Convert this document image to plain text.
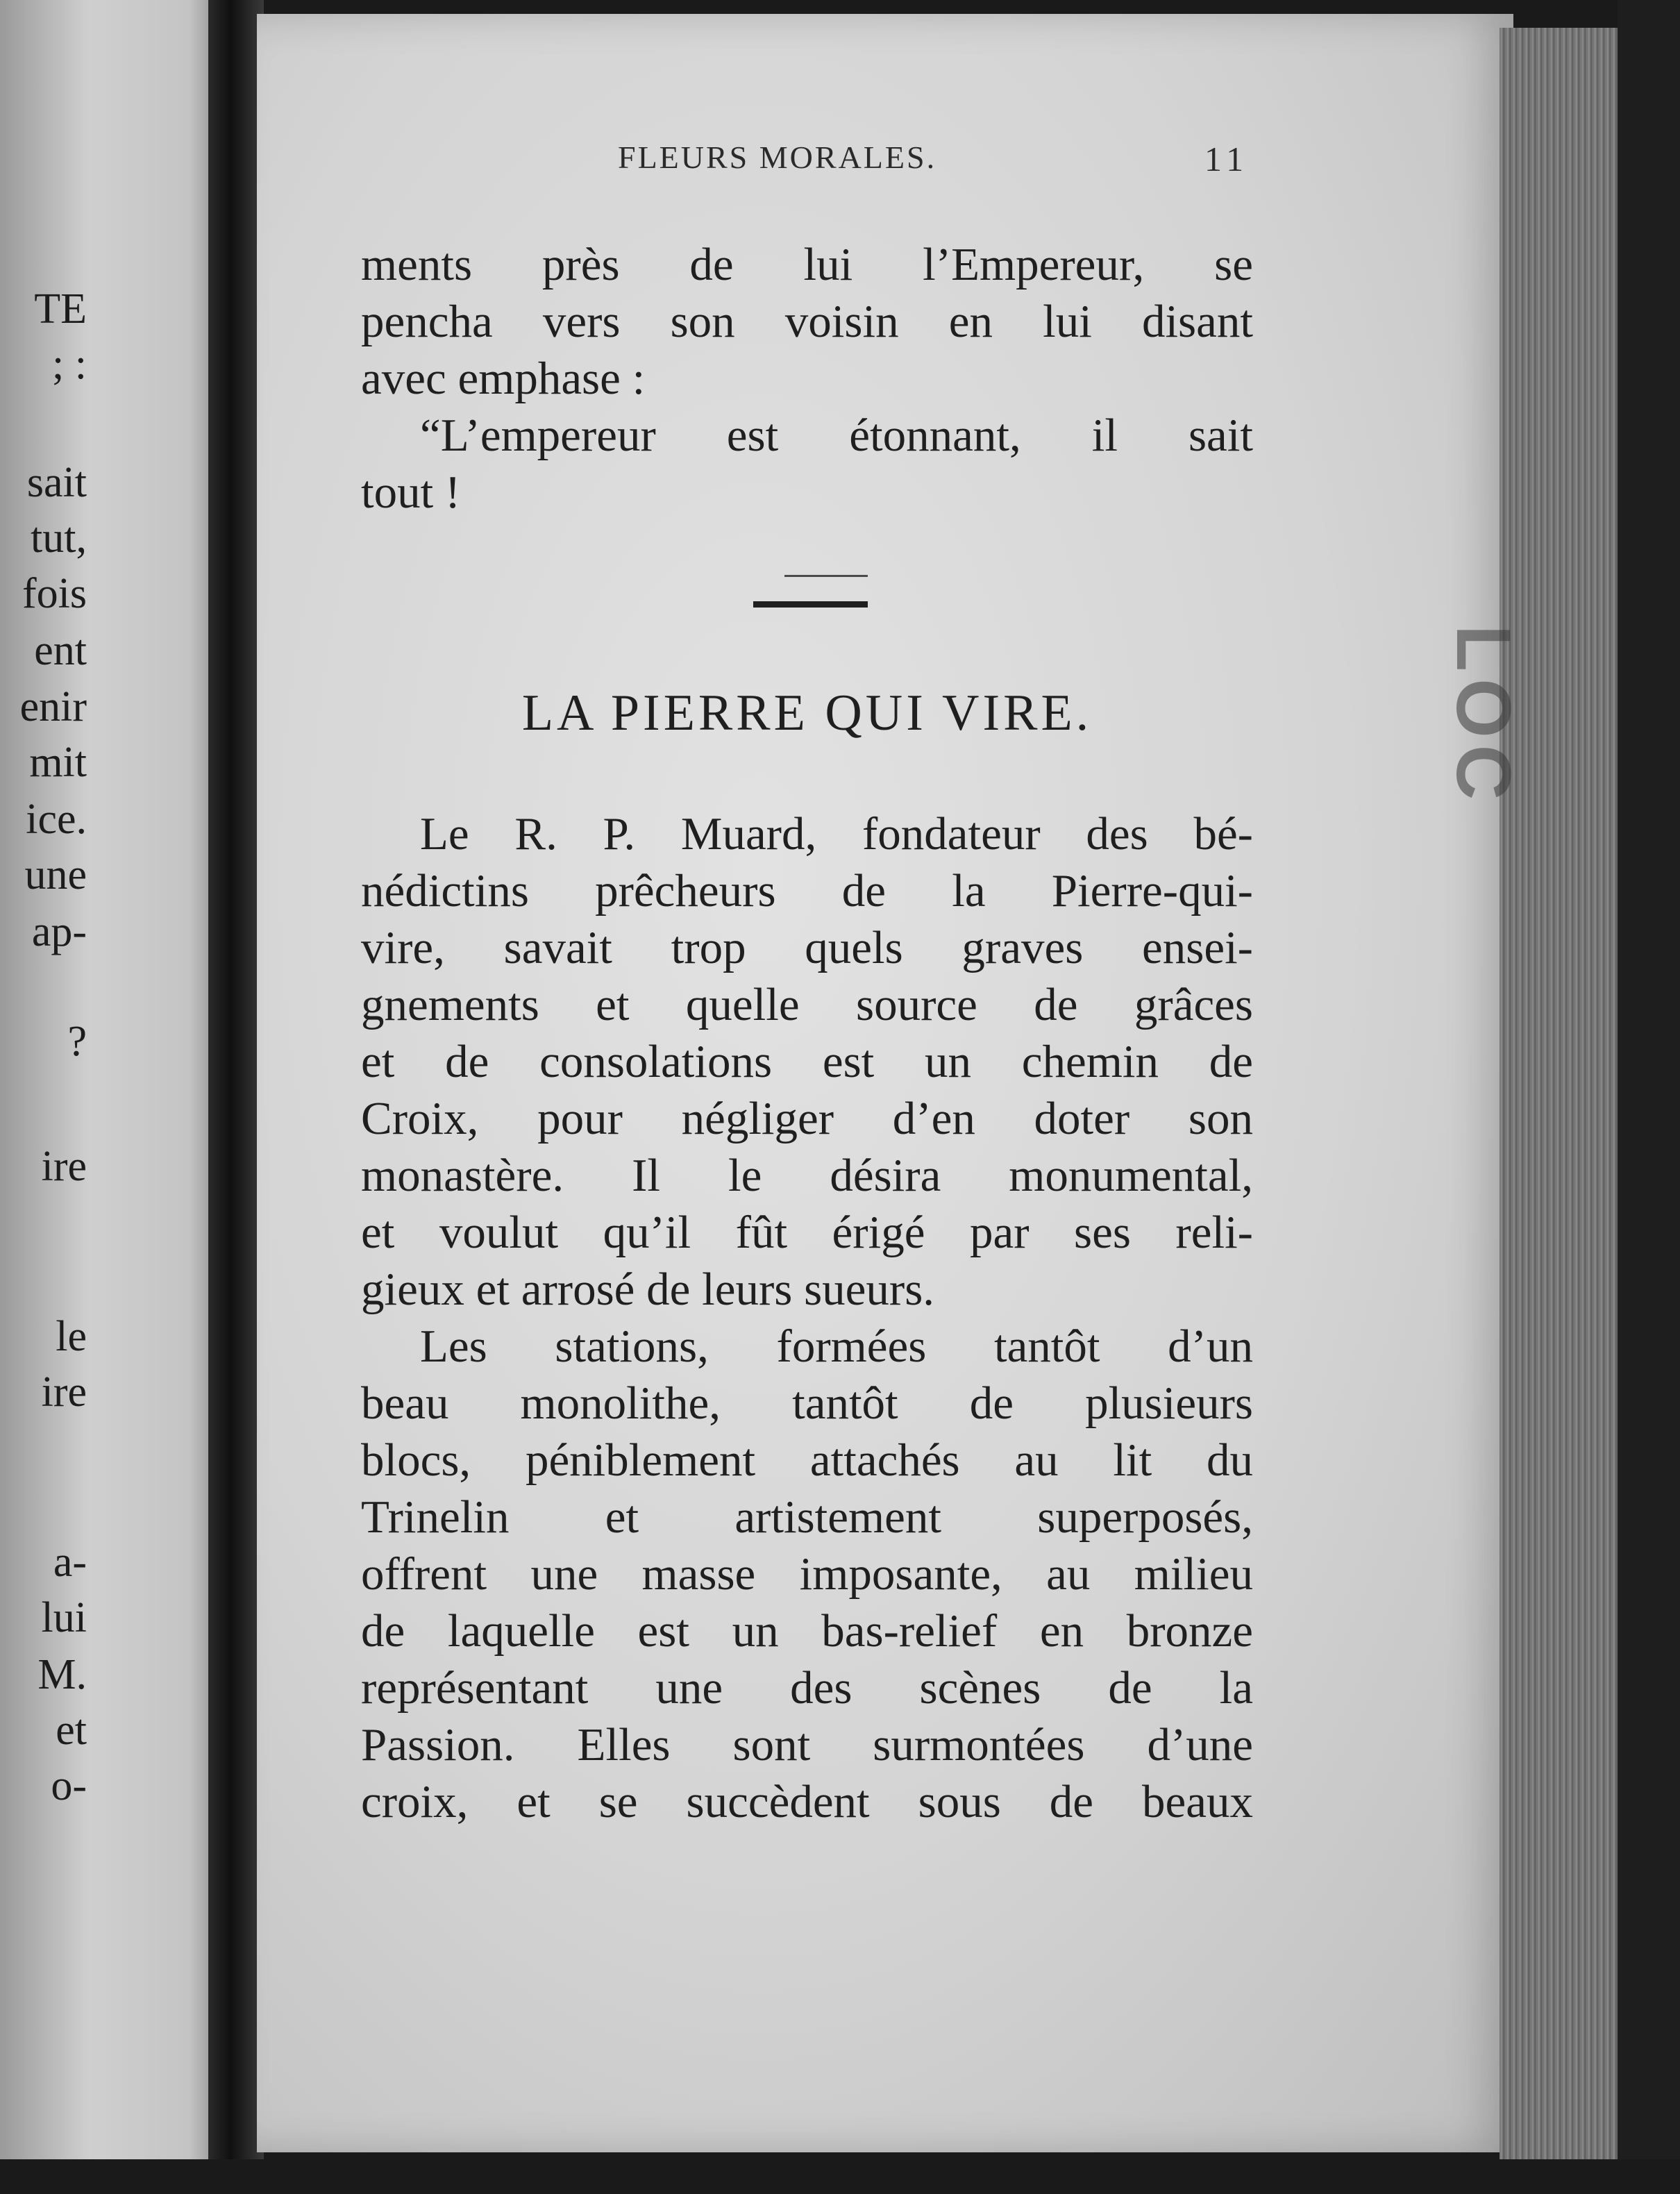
TE
; :
sait
tut,
fois
ent
enir
mit
ice.
une
ap-
?
ire
le
ire
a-
lui
M.
et
o-
LOC
FLEURS MORALES.	11
ments près de lui l’Empereur, se
pencha vers son voisin en lui disant
avec emphase :
“L’empereur est étonnant, il sait
tout !
LA PIERRE QUI VIRE.
Le R. P. Muard, fondateur des bé-
nédictins prêcheurs de la Pierre-qui-
vire, savait trop quels graves ensei-
gnements et quelle source de grâces
et de consolations est un chemin de
Croix, pour négliger d’en doter son
monastère. Il le désira monumental,
et voulut qu’il fût érigé par ses reli-
gieux et arrosé de leurs sueurs.
Les stations, formées tantôt d’un
beau monolithe, tantôt de plusieurs
blocs, péniblement attachés au lit du
Trinelin et artistement superposés,
offrent une masse imposante, au milieu
de laquelle est un bas-relief en bronze
représentant une des scènes de la
Passion. Elles sont surmontées d’une
croix, et se succèdent sous de beaux
